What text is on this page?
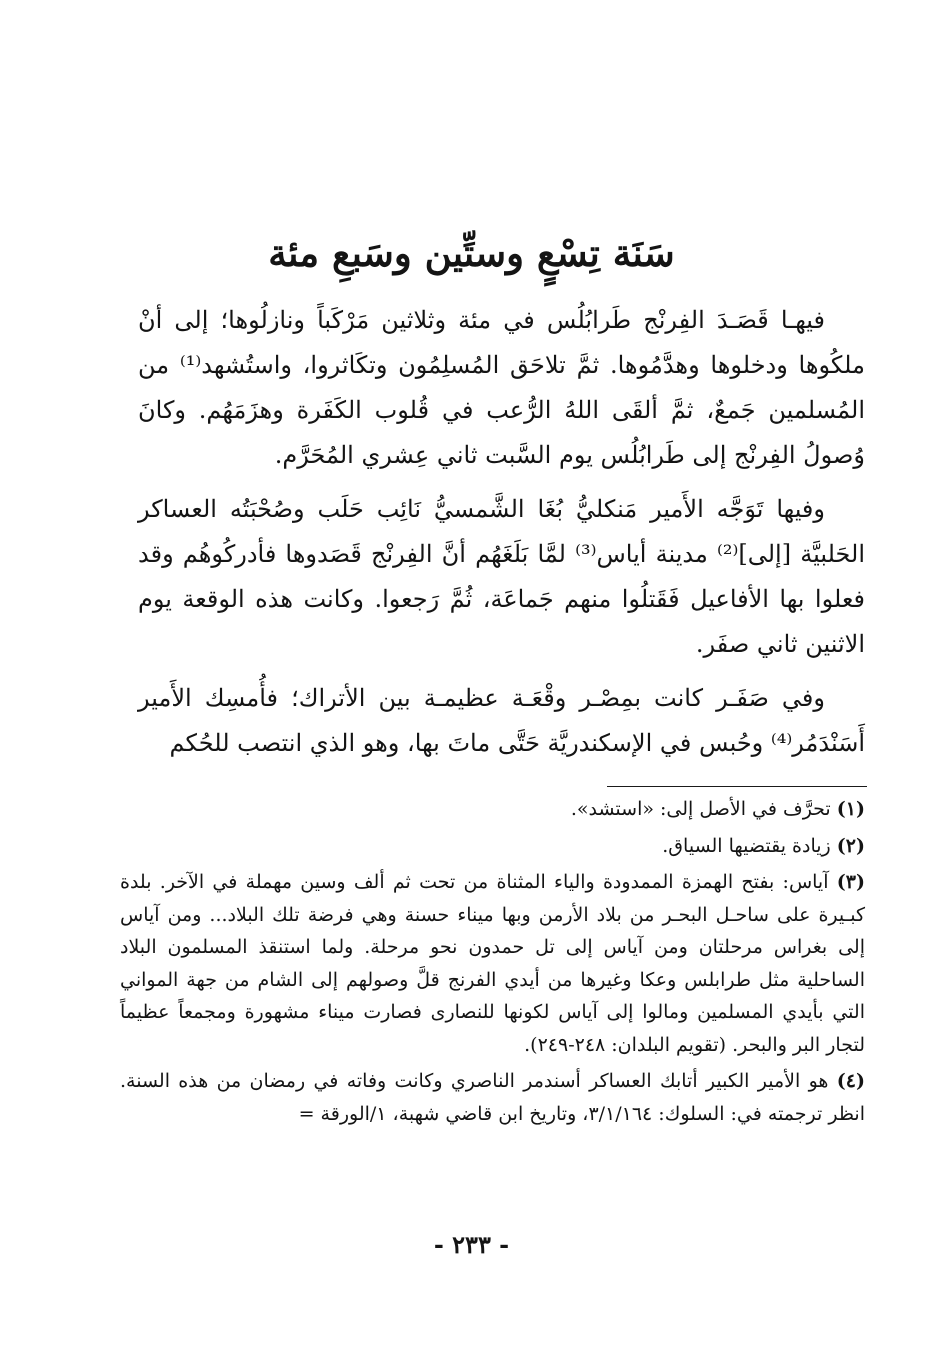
سَنَة تِسْعٍ وستِّين وسَبعِ مئة

فيهـا قَصَـدَ الفِرنْج طَرابُلُس في مئة وثلاثين مَرْكَباً ونازلُوها؛ إلى أنْ ملكُوها ودخلوها وهدَّمُوها. ثمَّ تلاحَق المُسلِمُون وتكَاثروا، واستُشهد⁽¹⁾ من المُسلمين جَمعٌ، ثمَّ ألقَى اللهُ الرُّعب في قُلوب الكَفَرة وهزَمَهُم. وكانَ وُصولُ الفِرنْج إلى طَرابُلُس يوم السَّبت ثاني عِشري المُحَرَّم.

وفيها تَوَجَّه الأَمير مَنكليُّ بُغَا الشَّمسيُّ نَائِب حَلَب وصُحْبَتُه العساكر الحَلبيَّة [إلى]⁽²⁾ مدينة أياس⁽³⁾ لمَّا بَلَغَهُم أنَّ الفِرنْج قَصَدوها فأدركُوهُم وقد فعلوا بها الأفاعيل فَقَتلُوا منهم جَماعَة، ثُمَّ رَجعوا. وكانت هذه الوقعة يوم الاثنين ثاني صفَر.

وفي صَفَـر كانت بمِصْـر وقْعَـة عظيمـة بين الأتراك؛ فأُمسِك الأَمير أَسَنْدَمُر⁽⁴⁾ وحُبس في الإسكندريَّة حَتَّى ماتَ بها، وهو الذي انتصب للحُكم

(١) تحرَّف في الأصل إلى: «استشد».
(٢) زيادة يقتضيها السياق.
(٣) آياس: بفتح الهمزة الممدودة والياء المثناة من تحت ثم ألف وسين مهملة في الآخر. بلدة كبـيرة على ساحـل البحـر من بلاد الأرمن وبها ميناء حسنة وهي فرضة تلك البلاد... ومن آياس إلى بغراس مرحلتان ومن آياس إلى تل حمدون نحو مرحلة. ولما استنقذ المسلمون البلاد الساحلية مثل طرابلس وعكا وغيرها من أيدي الفرنج قلَّ وصولهم إلى الشام من جهة المواني التي بأيدي المسلمين ومالوا إلى آياس لكونها للنصارى فصارت ميناء مشهورة ومجمعاً عظيماً لتجار البر والبحر. (تقويم البلدان: ٢٤٨-٢٤٩).
(٤) هو الأمير الكبير أتابك العساكر أسندمر الناصري وكانت وفاته في رمضان من هذه السنة. انظر ترجمته في: السلوك: ٣/١/١٦٤، وتاريخ ابن قاضي شهبة، ١/الورقة =
- ٢٣٣ -
